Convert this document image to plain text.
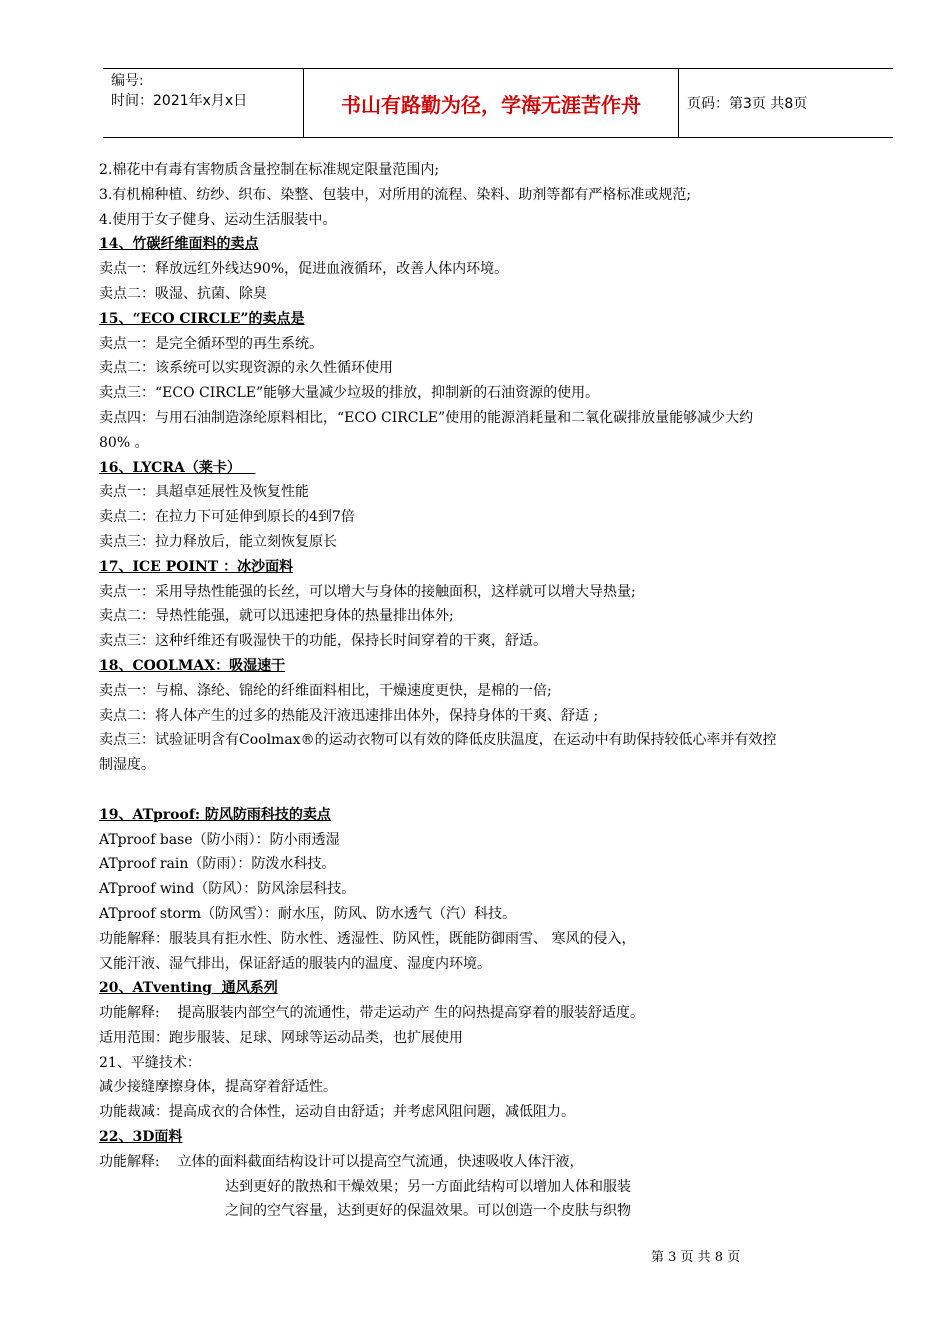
编号:
时间：2021年x月x日	书山有路勤为径，学海无涯苦作舟	页码：第3页 共8页

2.棉花中有毒有害物质含量控制在标准规定限量范围内;

3.有机棉种植、纺纱、织布、染整、包装中，对所用的流程、染料、助剂等都有严格标准或规范;

4.使用于女子健身、运动生活服装中。

14、竹碳纤维面料的卖点

卖点一：释放远红外线达90%，促进血液循环，改善人体内环境。

卖点二：吸湿、抗菌、除臭

15、“ECO CIRCLE”的卖点是

卖点一：是完全循环型的再生系统。

卖点二：该系统可以实现资源的永久性循环使用

卖点三：“ECO CIRCLE”能够大量减少垃圾的排放，抑制新的石油资源的使用。

卖点四：与用石油制造涤纶原料相比，“ECO CIRCLE”使用的能源消耗量和二氧化碳排放量能够减少大约

80% 。

16、LYCRA（莱卡）

卖点一：具超卓延展性及恢复性能

卖点二：在拉力下可延伸到原长的4到7倍

卖点三：拉力释放后，能立刻恢复原长

17、ICE POINT ：冰沙面料

卖点一：采用导热性能强的长丝，可以增大与身体的接触面积，这样就可以增大导热量;

卖点二：导热性能强，就可以迅速把身体的热量排出体外;

卖点三：这种纤维还有吸湿快干的功能，保持长时间穿着的干爽，舒适。

18、COOLMAX：吸湿速干

卖点一：与棉、涤纶、锦纶的纤维面料相比，干燥速度更快，是棉的一倍;

卖点二：将人体产生的过多的热能及汗液迅速排出体外，保持身体的干爽、舒适 ;

卖点三：试验证明含有Coolmax®的运动衣物可以有效的降低皮肤温度，在运动中有助保持较低心率并有效控

制湿度。

19、ATproof: 防风防雨科技的卖点

ATproof base（防小雨）：防小雨透湿

ATproof rain（防雨）：防泼水科技。

ATproof wind（防风）：防风涂层科技。

ATproof storm（防风雪）：耐水压，防风、防水透气（汽）科技。

功能解释：服装具有拒水性、防水性、透湿性、防风性，既能防御雨雪、 寒风的侵入，

又能汗液、湿气排出，保证舒适的服装内的温度、湿度内环境。

20、ATventing  通风系列

功能解释:    提高服装内部空气的流通性，带走运动产 生的闷热提高穿着的服装舒适度。

适用范围：跑步服装、足球、网球等运动品类，也扩展使用

21、平缝技术：

减少接缝摩擦身体，提高穿着舒适性。

功能裁减：提高成衣的合体性，运动自由舒适；并考虑风阻问题，减低阻力。

22、3D面料

功能解释:    立体的面料截面结构设计可以提高空气流通，快速吸收人体汗液，

达到更好的散热和干燥效果；另一方面此结构可以增加人体和服装

之间的空气容量，达到更好的保温效果。可以创造一个皮肤与织物

第 3 页 共 8 页
